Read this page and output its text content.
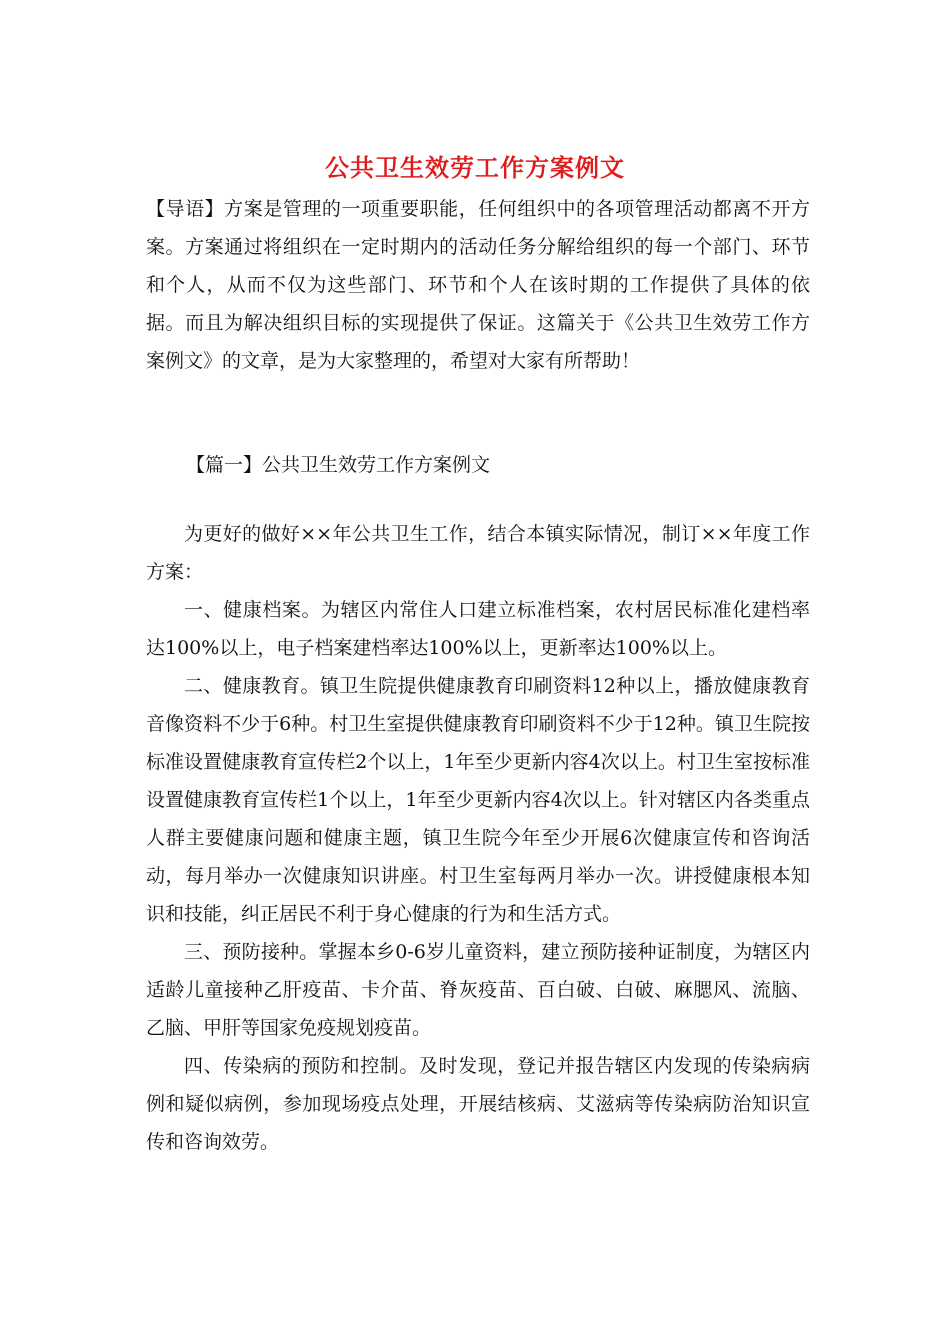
公共卫生效劳工作方案例文

【导语】方案是管理的一项重要职能，任何组织中的各项管理活动都离不开方案。方案通过将组织在一定时期内的活动任务分解给组织的每一个部门、环节和个人，从而不仅为这些部门、环节和个人在该时期的工作提供了具体的依据。而且为解决组织目标的实现提供了保证。这篇关于《公共卫生效劳工作方案例文》的文章，是为大家整理的，希望对大家有所帮助！

【篇一】公共卫生效劳工作方案例文

为更好的做好××年公共卫生工作，结合本镇实际情况，制订××年度工作方案：

一、健康档案。为辖区内常住人口建立标准档案，农村居民标准化建档率达100%以上，电子档案建档率达100%以上，更新率达100%以上。

二、健康教育。镇卫生院提供健康教育印刷资料12种以上，播放健康教育音像资料不少于6种。村卫生室提供健康教育印刷资料不少于12种。镇卫生院按标准设置健康教育宣传栏2个以上，1年至少更新内容4次以上。村卫生室按标准设置健康教育宣传栏1个以上，1年至少更新内容4次以上。针对辖区内各类重点人群主要健康问题和健康主题，镇卫生院今年至少开展6次健康宣传和咨询活动，每月举办一次健康知识讲座。村卫生室每两月举办一次。讲授健康根本知识和技能，纠正居民不利于身心健康的行为和生活方式。

三、预防接种。掌握本乡0-6岁儿童资料，建立预防接种证制度，为辖区内适龄儿童接种乙肝疫苗、卡介苗、脊灰疫苗、百白破、白破、麻腮风、流脑、乙脑、甲肝等国家免疫规划疫苗。

四、传染病的预防和控制。及时发现，登记并报告辖区内发现的传染病病例和疑似病例，参加现场疫点处理，开展结核病、艾滋病等传染病防治知识宣传和咨询效劳。
